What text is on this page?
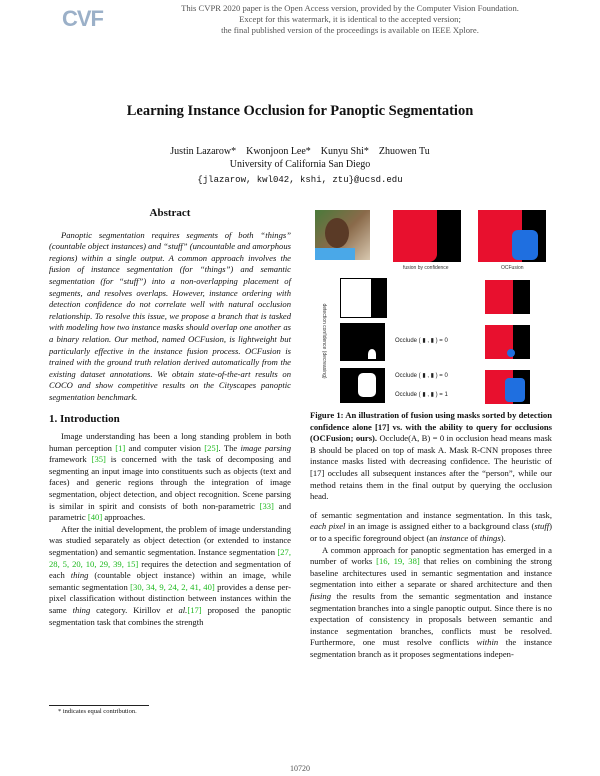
CVF	This CVPR 2020 paper is the Open Access version, provided by the Computer Vision Foundation.
Except for this watermark, it is identical to the accepted version;
the final published version of the proceedings is available on IEEE Xplore.
Learning Instance Occlusion for Panoptic Segmentation
Justin Lazarow*    Kwonjoon Lee*    Kunyu Shi*    Zhuowen Tu
University of California San Diego
{jlazarow, kwl042, kshi, ztu}@ucsd.edu
Abstract

Panoptic segmentation requires segments of both “things” (countable object instances) and “stuff” (uncountable and amorphous regions) within a single output. A common approach involves the fusion of instance segmentation (for “things”) and semantic segmentation (for “stuff”) into a non-overlapping placement of segments, and resolves overlaps. However, instance ordering with detection confidence do not correlate well with natural occlusion relationship. To resolve this issue, we propose a branch that is tasked with modeling how two instance masks should overlap one another as a binary relation. Our method, named OCFusion, is lightweight but particularly effective in the instance fusion process. OCFusion is trained with the ground truth relation derived automatically from the existing dataset annotations. We obtain state-of-the-art results on COCO and show competitive results on the Cityscapes panoptic segmentation benchmark.

1. Introduction

Image understanding has been a long standing problem in both human perception [1] and computer vision [25]. The image parsing framework [35] is concerned with the task of decomposing and segmenting an input image into constituents such as objects (text and faces) and generic regions through the integration of image segmentation, object detection, and object recognition. Scene parsing is similar in spirit and consists of both non-parametric [33] and parametric [40] approaches.

After the initial development, the problem of image understanding was studied separately as object detection (or extended to instance segmentation) and semantic segmentation. Instance segmentation [27, 28, 5, 20, 10, 29, 39, 15] requires the detection and segmentation of each thing (countable object instance) within an image, while semantic segmentation [30, 34, 9, 24, 2, 41, 40] provides a dense per-pixel classification without distinction between instances within the same thing category. Kirillov et al.[17] proposed the panoptic segmentation task that combines the strength

* indicates equal contribution.
fusion by confidence	OCFusion
detection confidence (decreasing)	Occlude ( ▮ , ▮ ) = 0
Occlude ( ▮ , ▮ ) = 0
Occlude ( ▮ , ▮ ) = 1
Figure 1: An illustration of fusion using masks sorted by detection confidence alone [17] vs. with the ability to query for occlusions (OCFusion; ours). Occlude(A, B) = 0 in occlusion head means mask B should be placed on top of mask A. Mask R-CNN proposes three instance masks listed with decreasing confidence. The heuristic of [17] occludes all subsequent instances after the “person”, while our method retains them in the final output by querying the occlusion head.

of semantic segmentation and instance segmentation. In this task, each pixel in an image is assigned either to a background class (stuff) or to a specific foreground object (an instance of things).

A common approach for panoptic segmentation has emerged in a number of works [16, 19, 38] that relies on combining the strong baseline architectures used in semantic segmentation and instance segmentation into either a separate or shared architecture and then fusing the results from the semantic segmentation and instance segmentation branches into a single panoptic output. Since there is no expectation of consistency in proposals between semantic and instance segmentation branches, conflicts must be resolved. Furthermore, one must resolve conflicts within the instance segmentation branch as it proposes segmentations indepen-

10720
